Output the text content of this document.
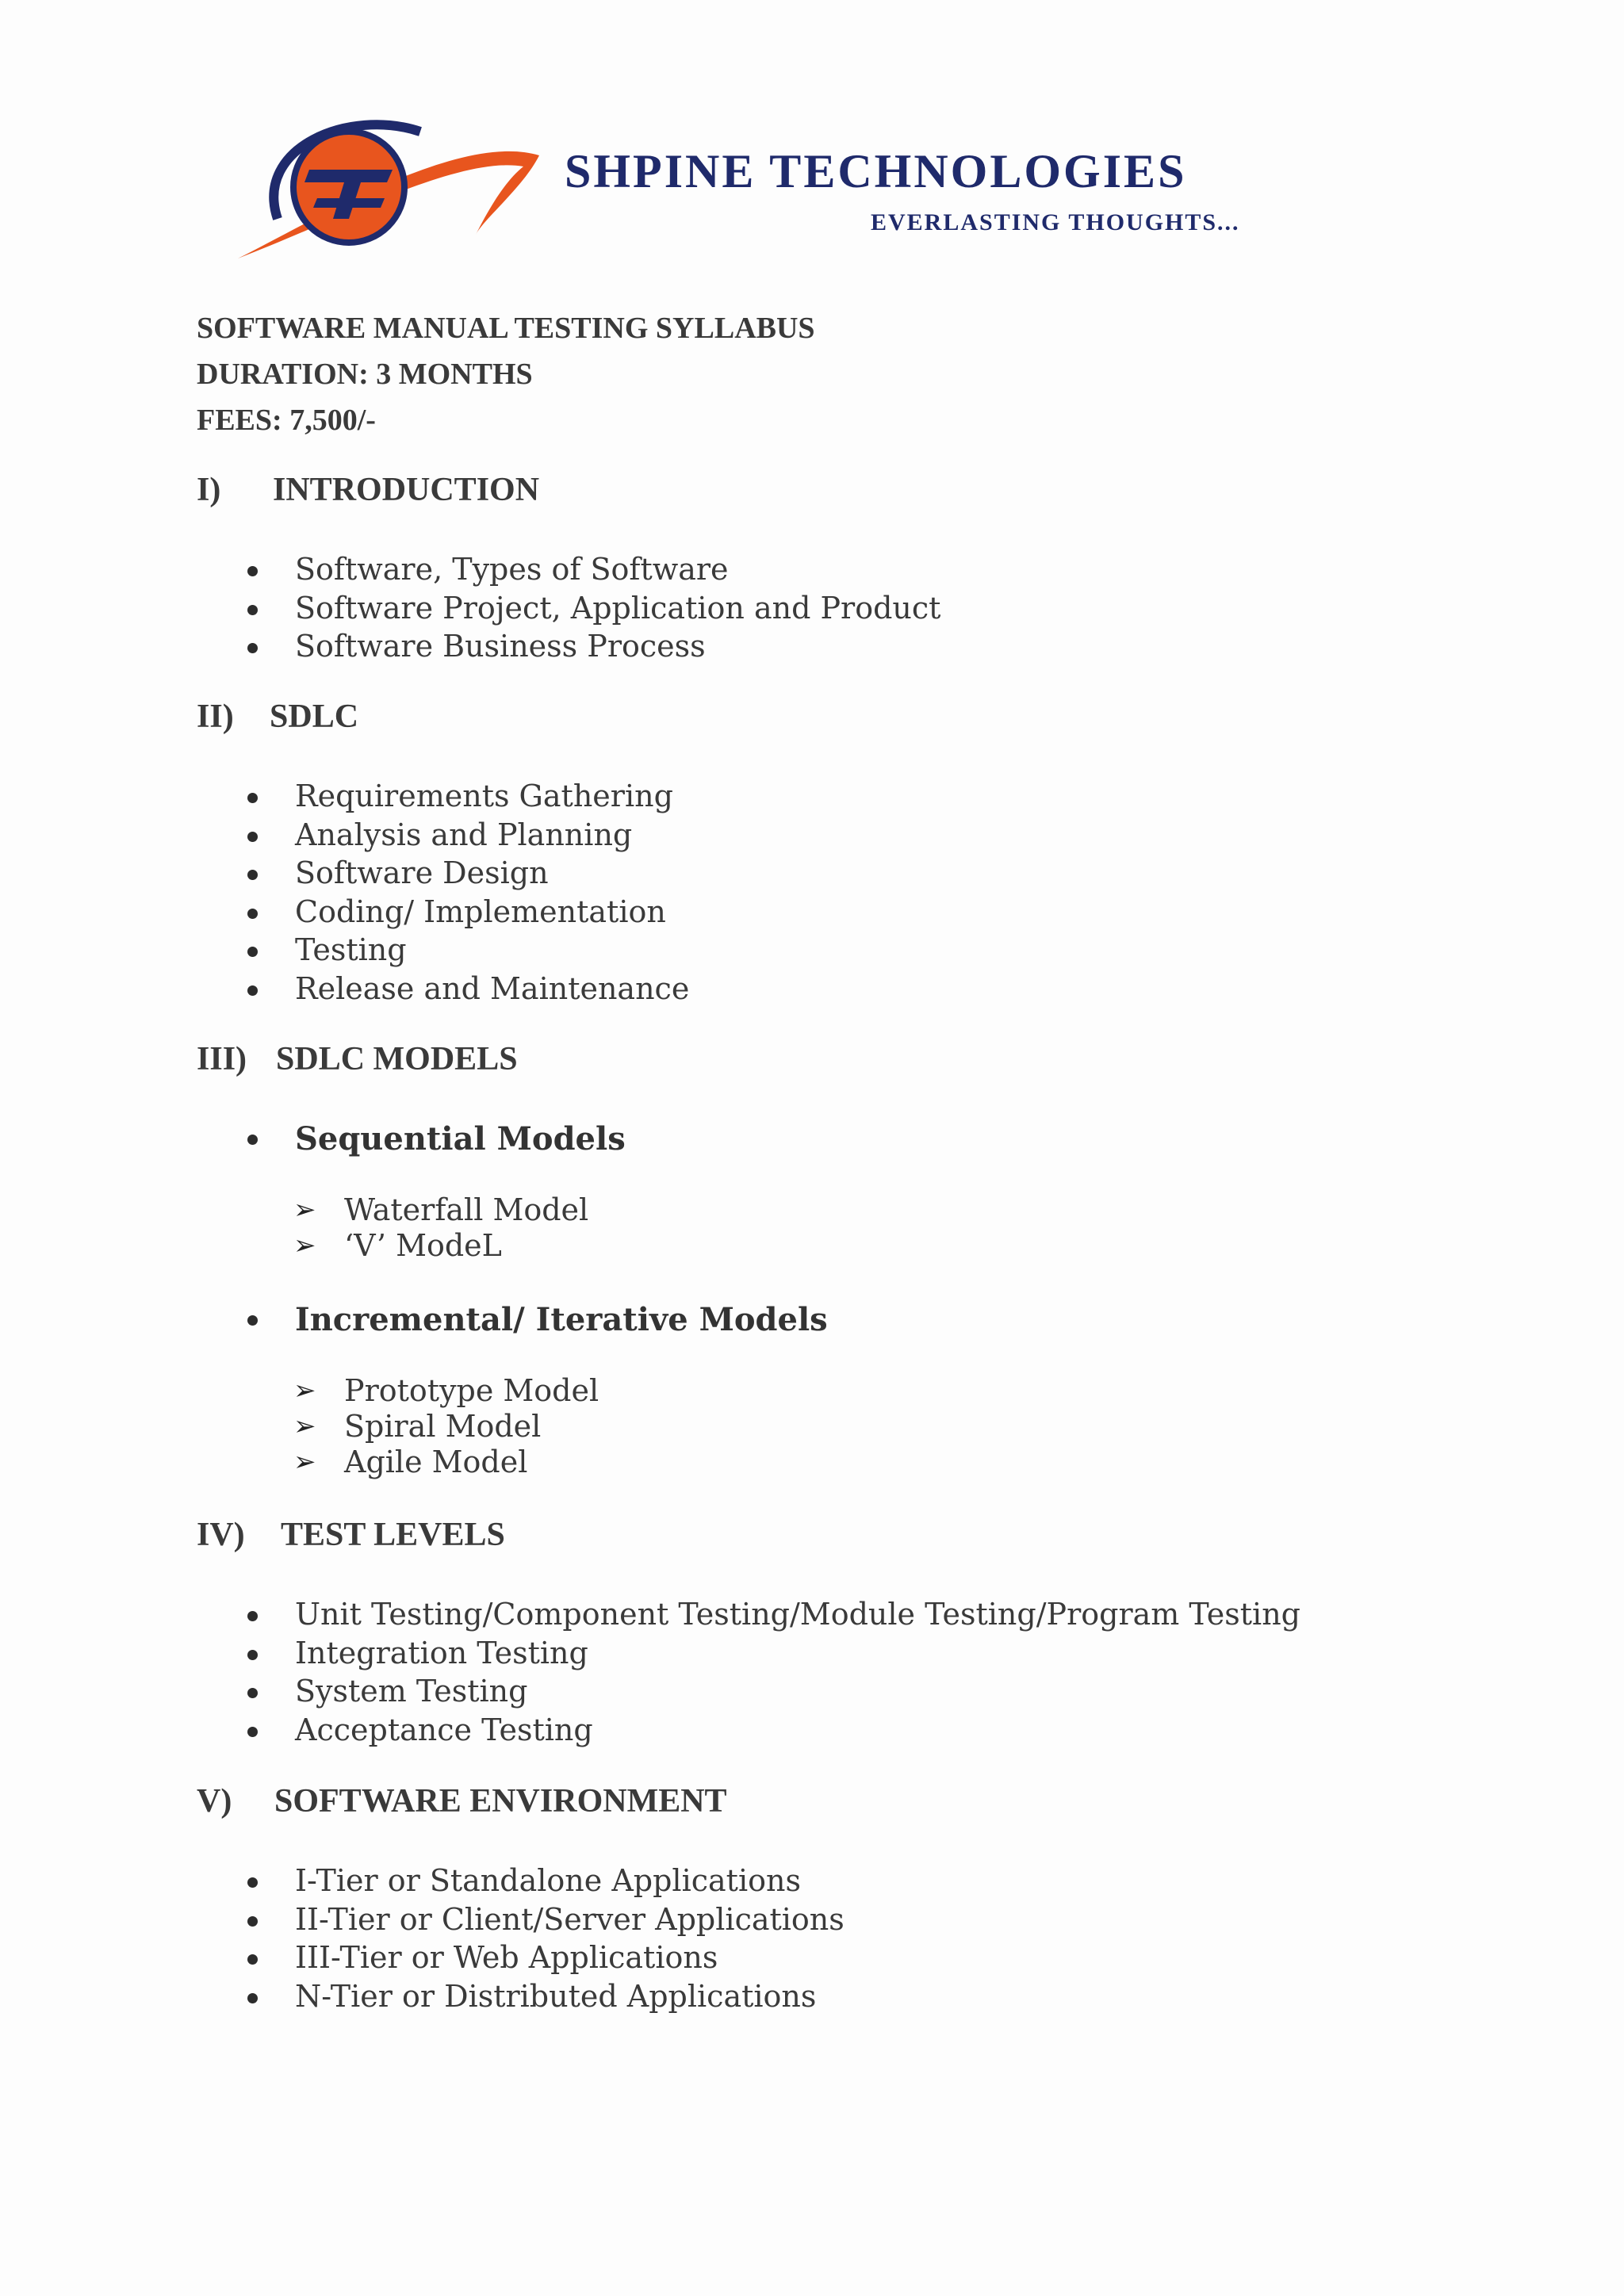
SHPINE TECHNOLOGIES
EVERLASTING THOUGHTS...
SOFTWARE MANUAL TESTING SYLLABUS
DURATION: 3 MONTHS
FEES: 7,500/-
I) INTRODUCTION
Software, Types of Software
Software Project, Application and Product
Software Business Process
II) SDLC
Requirements Gathering
Analysis and Planning
Software Design
Coding/ Implementation
Testing
Release and Maintenance
III) SDLC MODELS
Sequential Models
➢ Waterfall Model
➢ ‘V’ ModeL
Incremental/ Iterative Models
➢ Prototype Model
➢ Spiral Model
➢ Agile Model
IV) TEST LEVELS
Unit Testing/Component Testing/Module Testing/Program Testing
Integration Testing
System Testing
Acceptance Testing
V) SOFTWARE ENVIRONMENT
I-Tier or Standalone Applications
II-Tier or Client/Server Applications
III-Tier or Web Applications
N-Tier or Distributed Applications
